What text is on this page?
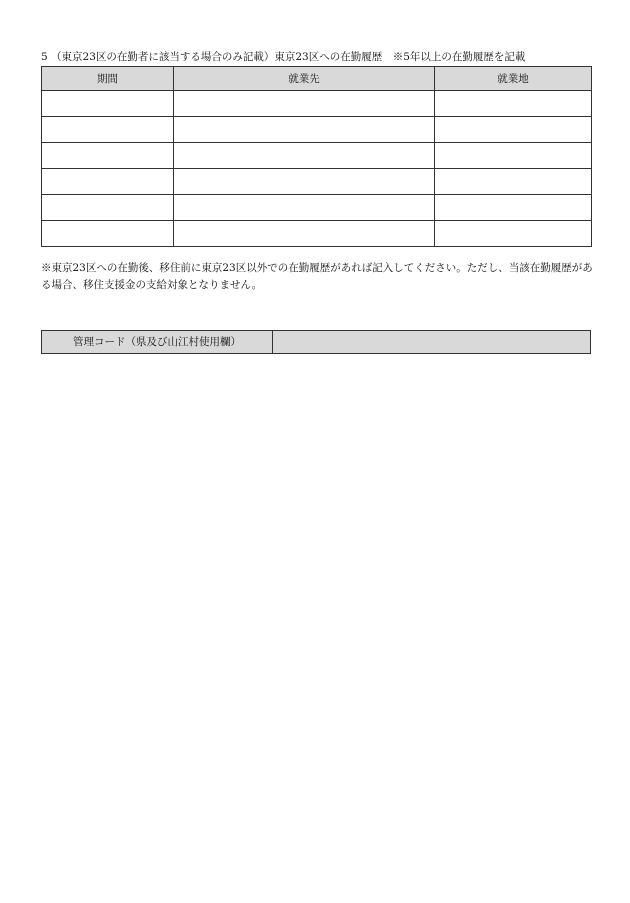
5 （東京23区の在勤者に該当する場合のみ記載）東京23区への在勤履歴　※5年以上の在勤履歴を記載
期間	就業先	就業地

※東京23区への在勤後、移住前に東京23区以外での在勤履歴があれば記入してください。ただし、当該在勤履歴がある場合、移住支援金の支給対象となりません。
管理コード（県及び山江村使用欄）
